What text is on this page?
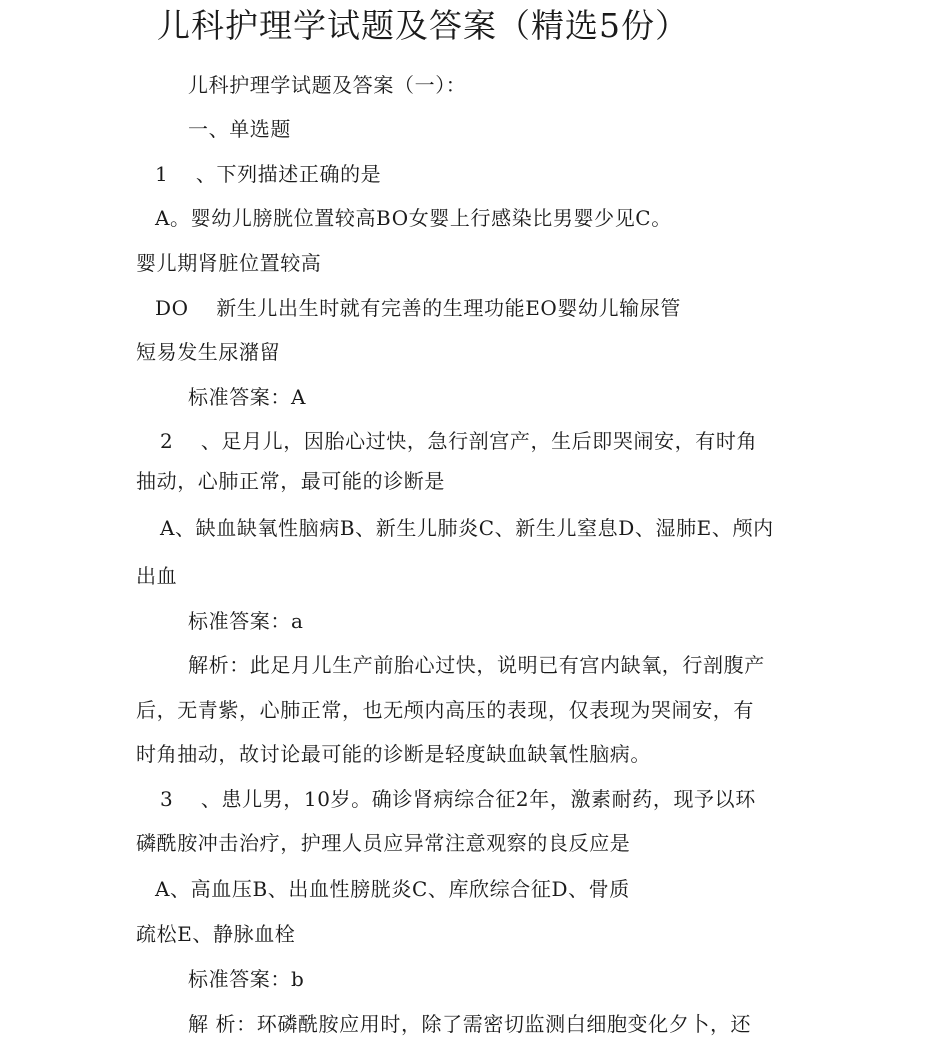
儿科护理学试题及答案（精选5份）
儿科护理学试题及答案（一）：
一、单选题
1　 、下列描述正确的是
A。婴幼儿膀胱位置较高BO女婴上行感染比男婴少见C。
婴儿期肾脏位置较高
DO　 新生儿出生时就有完善的生理功能EO婴幼儿输尿管
短易发生尿潴留
标准答案：A
2　 、足月儿，因胎心过快，急行剖宫产，生后即哭闹安，有时角
抽动，心肺正常，最可能的诊断是
A、缺血缺氧性脑病B、新生儿肺炎C、新生儿窒息D、湿肺E、颅内
出血
标准答案：a
解析：此足月儿生产前胎心过快，说明已有宫内缺氧，行剖腹产
后，无青紫，心肺正常，也无颅内高压的表现，仅表现为哭闹安，有
时角抽动，故讨论最可能的诊断是轻度缺血缺氧性脑病。
3　 、患儿男，10岁。确诊肾病综合征2年，激素耐药，现予以环
磷酰胺冲击治疗，护理人员应异常注意观察的良反应是
A、高血压B、出血性膀胱炎C、库欣综合征D、骨质
疏松E、静脉血栓
标准答案：b
解 析：环磷酰胺应用时，除了需密切监测白细胞变化夕卜，还
